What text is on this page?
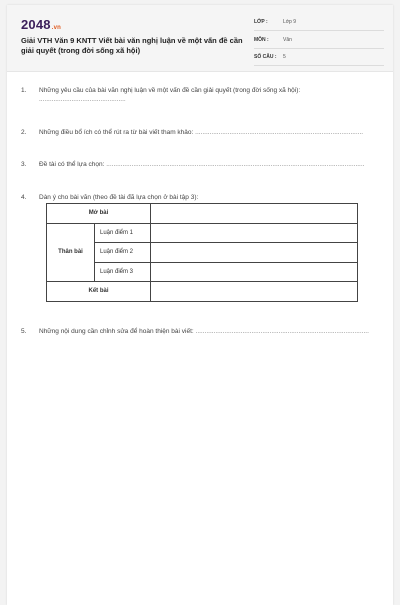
2048.vn
Giải VTH Văn 9 KNTT Viết bài văn nghị luận về một vấn đề cần giải quyết (trong đời sống xã hội)
LỚP :	Lớp 9
MÔN :	Văn
SỐ CÂU : 5
1. Những yêu cầu của bài văn nghị luận về một vấn đề cần giải quyết (trong đời sống xã hội):
................................................
2. Những điều bổ ích có thể rút ra từ bài viết tham khảo: .............................................................................................
3. Đề tài có thể lựa chọn: ...............................................................................................................................................
4. Dàn ý cho bài văn (theo đề tài đã lựa chọn ở bài tập 3):
Mở bài		
Thân bài	Luận điểm 1	
	Luận điểm 2	
	Luận điểm 3	
Kết bài		
5. Những nội dung cần chỉnh sửa để hoàn thiện bài viết: ................................................................................................
